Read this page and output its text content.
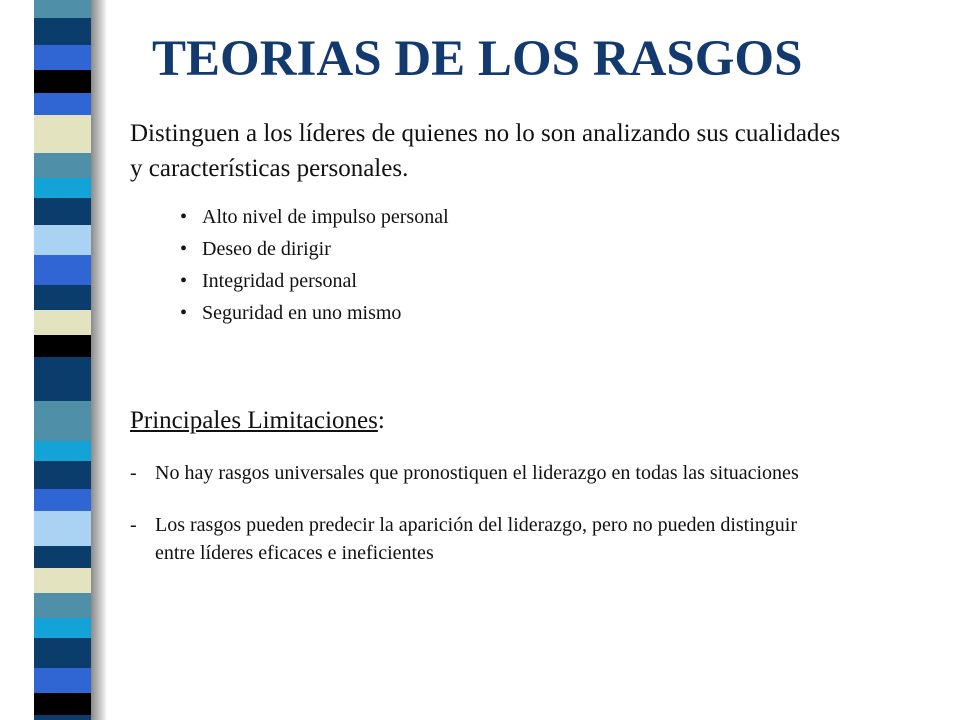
TEORIAS DE LOS RASGOS

Distinguen a los líderes de quienes no lo son analizando sus cualidades y características personales.

• Alto nivel de impulso personal
• Deseo de dirigir
• Integridad personal
• Seguridad en uno mismo

Principales Limitaciones:

- No hay rasgos universales que pronostiquen el liderazgo en todas las situaciones
- Los rasgos pueden predecir la aparición del liderazgo, pero no pueden distinguir entre líderes eficaces e ineficientes
